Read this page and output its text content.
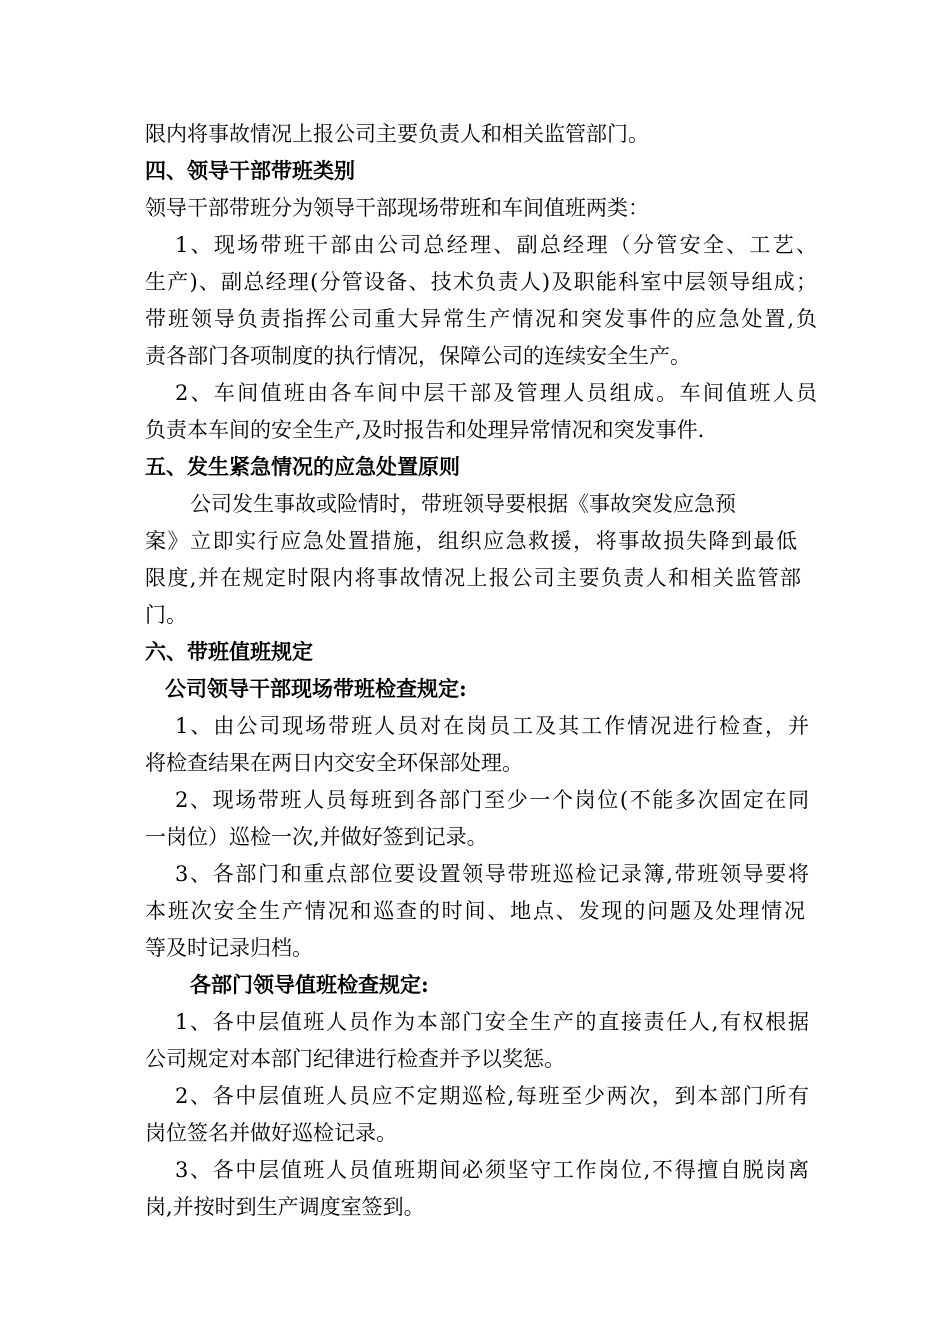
限内将事故情况上报公司主要负责人和相关监管部门。
四、领导干部带班类别
领导干部带班分为领导干部现场带班和车间值班两类：
1、现场带班干部由公司总经理、副总经理（分管安全、工艺、
生产)、副总经理(分管设备、技术负责人)及职能科室中层领导组成；
带班领导负责指挥公司重大异常生产情况和突发事件的应急处置,负
责各部门各项制度的执行情况，保障公司的连续安全生产。
2、车间值班由各车间中层干部及管理人员组成。车间值班人员
负责本车间的安全生产,及时报告和处理异常情况和突发事件.
五、发生紧急情况的应急处置原则
公司发生事故或险情时，带班领导要根据《事故突发应急预
案》立即实行应急处置措施，组织应急救援，将事故损失降到最低
限度,并在规定时限内将事故情况上报公司主要负责人和相关监管部
门。
六、带班值班规定
公司领导干部现场带班检查规定:
1、由公司现场带班人员对在岗员工及其工作情况进行检查，并
将检查结果在两日内交安全环保部处理。
2、现场带班人员每班到各部门至少一个岗位(不能多次固定在同
一岗位）巡检一次,并做好签到记录。
3、各部门和重点部位要设置领导带班巡检记录簿,带班领导要将
本班次安全生产情况和巡查的时间、地点、发现的问题及处理情况
等及时记录归档。
各部门领导值班检查规定:
1、各中层值班人员作为本部门安全生产的直接责任人,有权根据
公司规定对本部门纪律进行检查并予以奖惩。
2、各中层值班人员应不定期巡检,每班至少两次，到本部门所有
岗位签名并做好巡检记录。
3、各中层值班人员值班期间必须坚守工作岗位,不得擅自脱岗离
岗,并按时到生产调度室签到。
